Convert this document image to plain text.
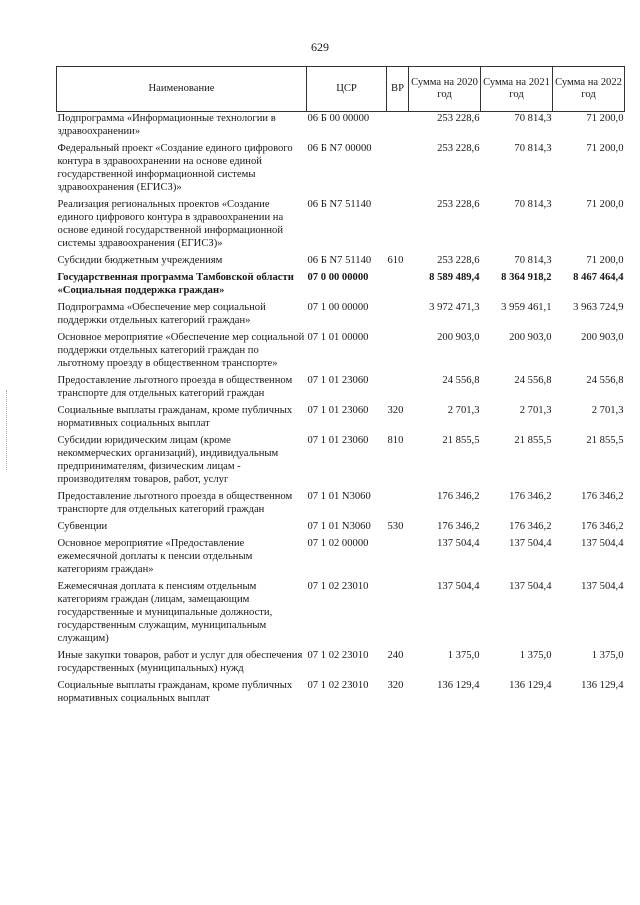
629
Наименование	ЦСР	ВР	Сумма на 2020 год	Сумма на 2021 год	Сумма на 2022 год
Подпрограмма «Информационные технологии в здравоохранении»	06 Б 00 00000		253 228,6	70 814,3	71 200,0
Федеральный проект «Создание единого цифрового контура в здравоохранении на основе единой государственной информационной системы здравоохранения (ЕГИСЗ)»	06 Б N7 00000		253 228,6	70 814,3	71 200,0
Реализация региональных проектов «Создание единого цифрового контура в здравоохранении на основе единой государственной информационной системы здравоохранения (ЕГИСЗ)»	06 Б N7 51140		253 228,6	70 814,3	71 200,0
Субсидии бюджетным учреждениям	06 Б N7 51140	610	253 228,6	70 814,3	71 200,0
Государственная программа Тамбовской области «Социальная поддержка граждан»	07 0 00 00000		8 589 489,4	8 364 918,2	8 467 464,4
Подпрограмма «Обеспечение мер социальной поддержки отдельных категорий граждан»	07 1 00 00000		3 972 471,3	3 959 461,1	3 963 724,9
Основное мероприятие «Обеспечение мер социальной поддержки отдельных категорий граждан по льготному проезду в общественном транспорте»	07 1 01 00000		200 903,0	200 903,0	200 903,0
Предоставление льготного проезда в общественном транспорте для отдельных категорий граждан	07 1 01 23060		24 556,8	24 556,8	24 556,8
Социальные выплаты гражданам, кроме публичных нормативных социальных выплат	07 1 01 23060	320	2 701,3	2 701,3	2 701,3
Субсидии юридическим лицам (кроме некоммерческих организаций), индивидуальным предпринимателям, физическим лицам - производителям товаров, работ, услуг	07 1 01 23060	810	21 855,5	21 855,5	21 855,5
Предоставление льготного проезда в общественном транспорте для отдельных категорий граждан	07 1 01 N3060		176 346,2	176 346,2	176 346,2
Субвенции	07 1 01 N3060	530	176 346,2	176 346,2	176 346,2
Основное мероприятие «Предоставление ежемесячной доплаты к пенсии отдельным категориям граждан»	07 1 02 00000		137 504,4	137 504,4	137 504,4
Ежемесячная доплата к пенсиям отдельным категориям граждан (лицам, замещающим государственные и муниципальные должности, государственным служащим, муниципальным служащим)	07 1 02 23010		137 504,4	137 504,4	137 504,4
Иные закупки товаров, работ и услуг для обеспечения государственных (муниципальных) нужд	07 1 02 23010	240	1 375,0	1 375,0	1 375,0
Социальные выплаты гражданам, кроме публичных нормативных социальных выплат	07 1 02 23010	320	136 129,4	136 129,4	136 129,4
